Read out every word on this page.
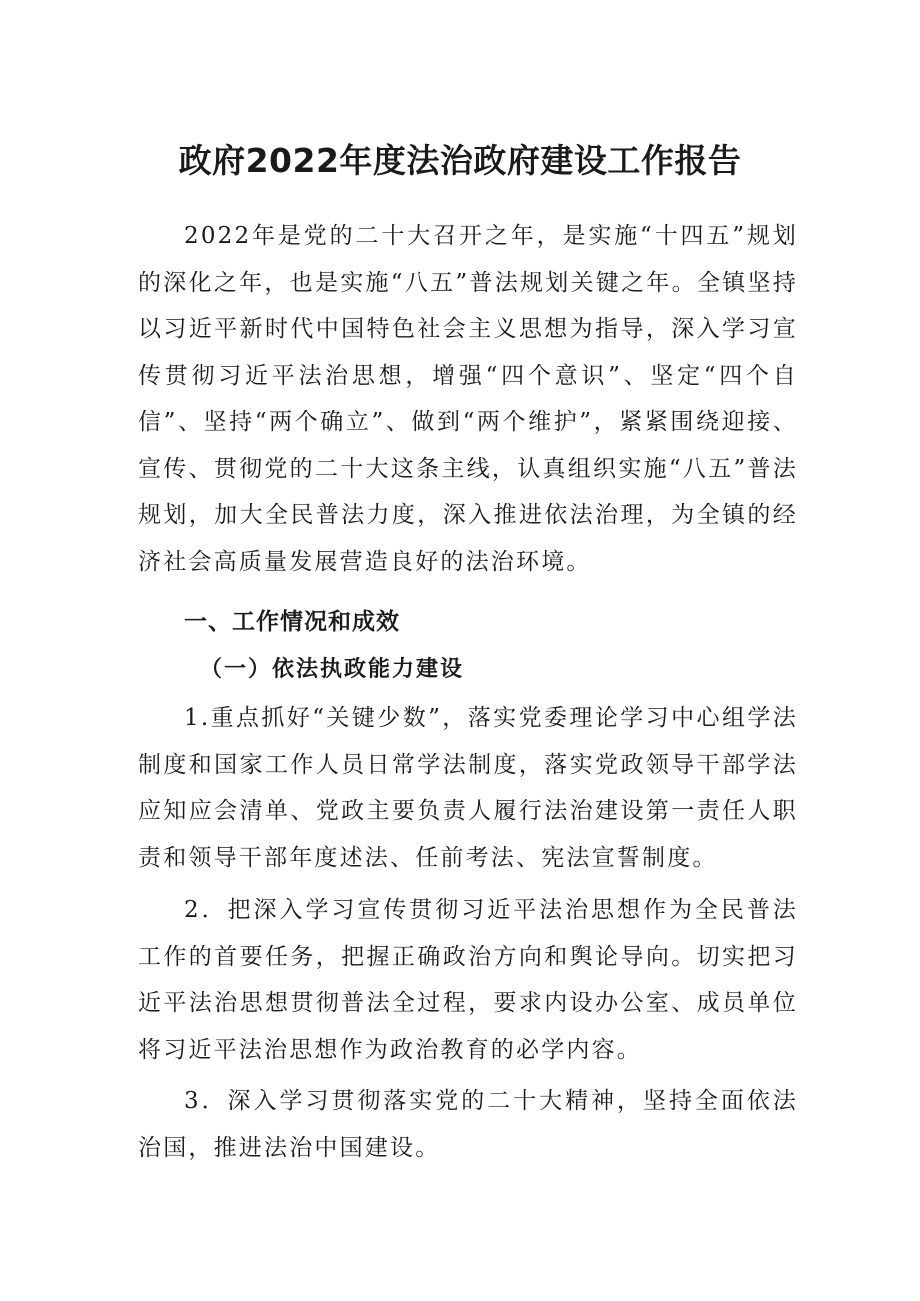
政府2022年度法治政府建设工作报告

2022年是党的二十大召开之年，是实施“十四五”规划的深化之年，也是实施“八五”普法规划关键之年。全镇坚持以习近平新时代中国特色社会主义思想为指导，深入学习宣传贯彻习近平法治思想，增强“四个意识”、坚定“四个自信”、坚持“两个确立”、做到“两个维护”，紧紧围绕迎接、宣传、贯彻党的二十大这条主线，认真组织实施“八五”普法规划，加大全民普法力度，深入推进依法治理，为全镇的经济社会高质量发展营造良好的法治环境。

一、工作情况和成效
（一）依法执政能力建设

1.重点抓好“关键少数”，落实党委理论学习中心组学法制度和国家工作人员日常学法制度，落实党政领导干部学法应知应会清单、党政主要负责人履行法治建设第一责任人职责和领导干部年度述法、任前考法、宪法宣誓制度。

2．把深入学习宣传贯彻习近平法治思想作为全民普法工作的首要任务，把握正确政治方向和舆论导向。切实把习近平法治思想贯彻普法全过程，要求内设办公室、成员单位将习近平法治思想作为政治教育的必学内容。

3．深入学习贯彻落实党的二十大精神，坚持全面依法治国，推进法治中国建设。
